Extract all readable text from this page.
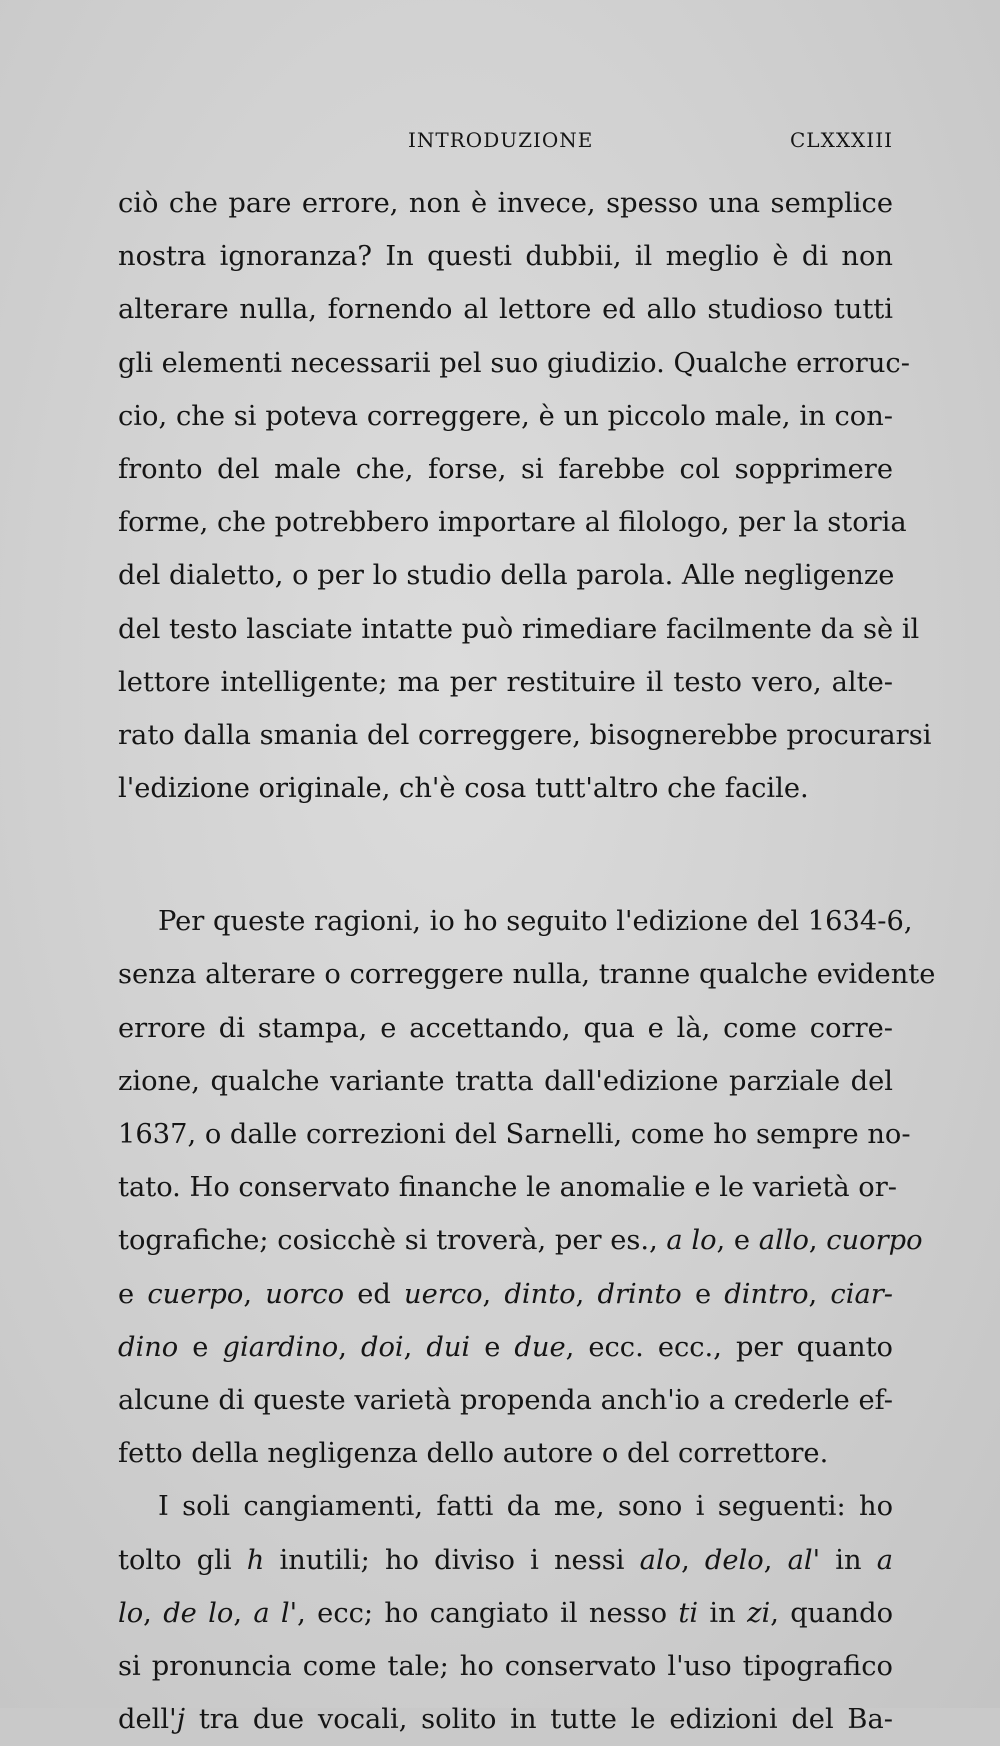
INTRODUZIONE	CLXXXIII
ciò che pare errore, non è invece, spesso una semplice
nostra ignoranza? In questi dubbii, il meglio è di non
alterare nulla, fornendo al lettore ed allo studioso tutti
gli elementi necessarii pel suo giudizio. Qualche erroruc-
cio, che si poteva correggere, è un piccolo male, in con-
fronto del male che, forse, si farebbe col sopprimere
forme, che potrebbero importare al filologo, per la storia
del dialetto, o per lo studio della parola. Alle negligenze
del testo lasciate intatte può rimediare facilmente da sè il
lettore intelligente; ma per restituire il testo vero, alte-
rato dalla smania del correggere, bisognerebbe procurarsi
l'edizione originale, ch'è cosa tutt'altro che facile.
Per queste ragioni, io ho seguito l'edizione del 1634-6,
senza alterare o correggere nulla, tranne qualche evidente
errore di stampa, e accettando, qua e là, come corre-
zione, qualche variante tratta dall'edizione parziale del
1637, o dalle correzioni del Sarnelli, come ho sempre no-
tato. Ho conservato finanche le anomalie e le varietà or-
tografiche; cosicchè si troverà, per es., a lo, e allo, cuorpo
e cuerpo, uorco ed uerco, dinto, drinto e dintro, ciar-
dino e giardino, doi, dui e due, ecc. ecc., per quanto
alcune di queste varietà propenda anch'io a crederle ef-
fetto della negligenza dello autore o del correttore.
I soli cangiamenti, fatti da me, sono i seguenti: ho
tolto gli h inutili; ho diviso i nessi alo, delo, al' in a
lo, de lo, a l', ecc; ho cangiato il nesso ti in zi, quando
si pronuncia come tale; ho conservato l'uso tipografico
dell'j tra due vocali, solito in tutte le edizioni del Ba-
